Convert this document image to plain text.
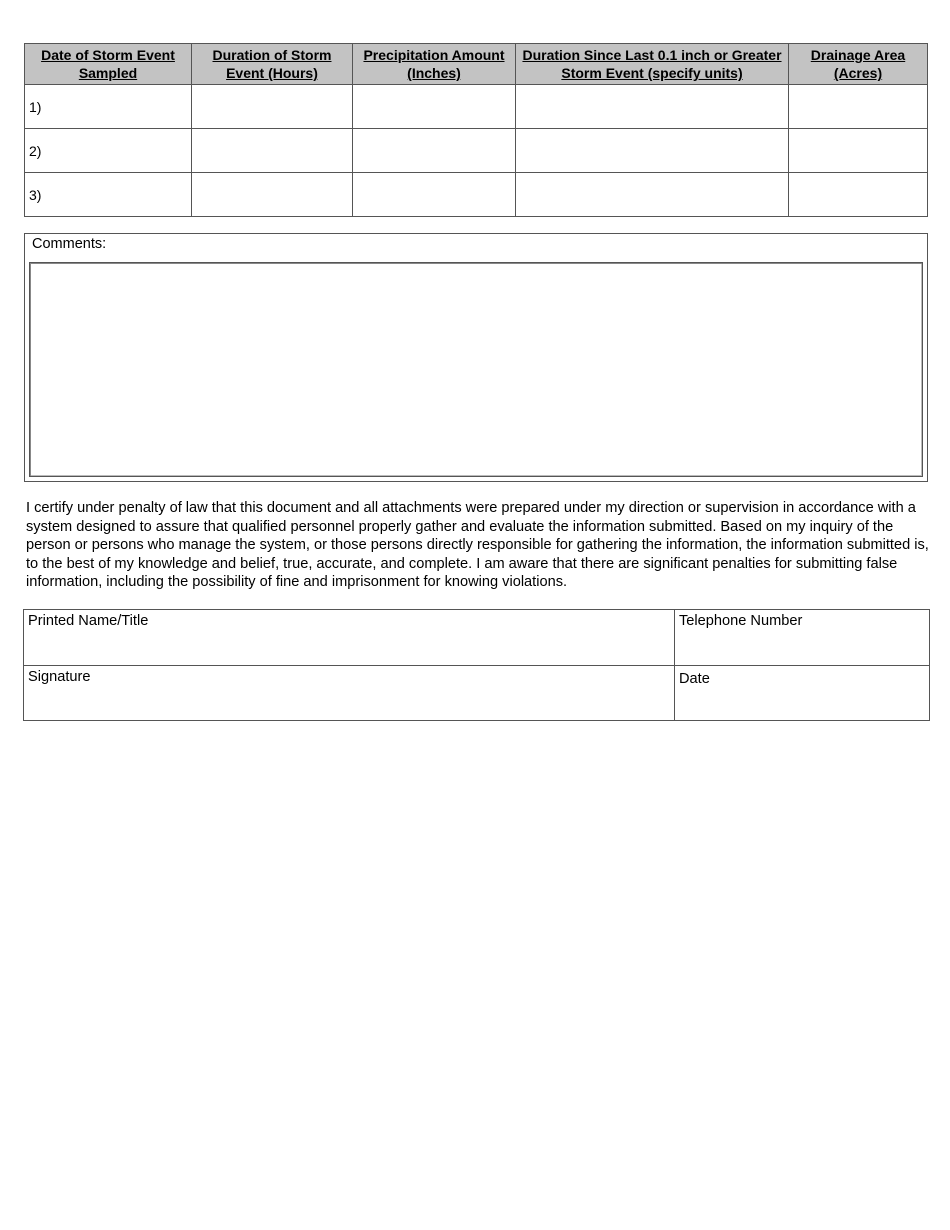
Date of Storm Event Sampled	Duration of Storm Event (Hours)	Precipitation Amount (Inches)	Duration Since Last 0.1 inch or Greater Storm Event (specify units)	Drainage Area (Acres)
1)				
2)				
3)				
Comments:

I certify under penalty of law that this document and all attachments were prepared under my direction or supervision in accordance with a system designed to assure that qualified personnel properly gather and evaluate the information submitted. Based on my inquiry of the person or persons who manage the system, or those persons directly responsible for gathering the information, the information submitted is, to the best of my knowledge and belief, true, accurate, and complete. I am aware that there are significant penalties for submitting false information, including the possibility of fine and imprisonment for knowing violations.

Printed Name/Title	Telephone Number
Signature	Date
